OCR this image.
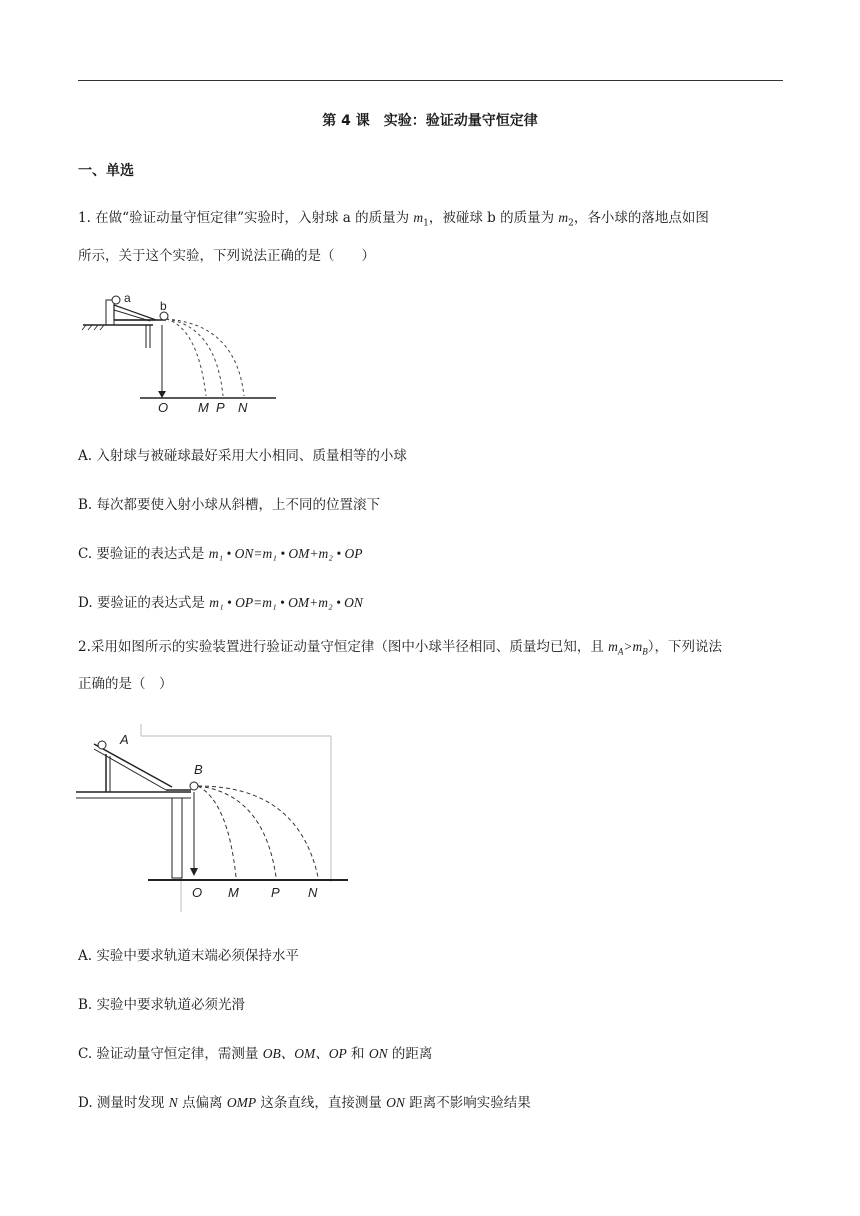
第 4 课　实验：验证动量守恒定律
一、单选
1. 在做“验证动量守恒定律”实验时，入射球 a 的质量为 $m_1$，被碰球 b 的质量为 $m_2$，各小球的落地点如图
所示，关于这个实验，下列说法正确的是（　　）
a
b
O M P N
A. 入射球与被碰球最好采用大小相同、质量相等的小球
B. 每次都要使入射小球从斜槽，上不同的位置滚下
C. 要验证的表达式是 m₁ • ON=m₁ • OM+m₂ • OP
D. 要验证的表达式是 m₁ • OP=m₁ • OM+m₂ • ON
2.采用如图所示的实验装置进行验证动量守恒定律（图中小球半径相同、质量均已知，且 $m_A>m_B$），下列说法
正确的是（　）
A
B
O M P N
A. 实验中要求轨道末端必须保持水平
B. 实验中要求轨道必须光滑
C. 验证动量守恒定律，需测量 OB、OM、OP 和 ON 的距离
D. 测量时发现 N 点偏离 OMP 这条直线，直接测量 ON 距离不影响实验结果
